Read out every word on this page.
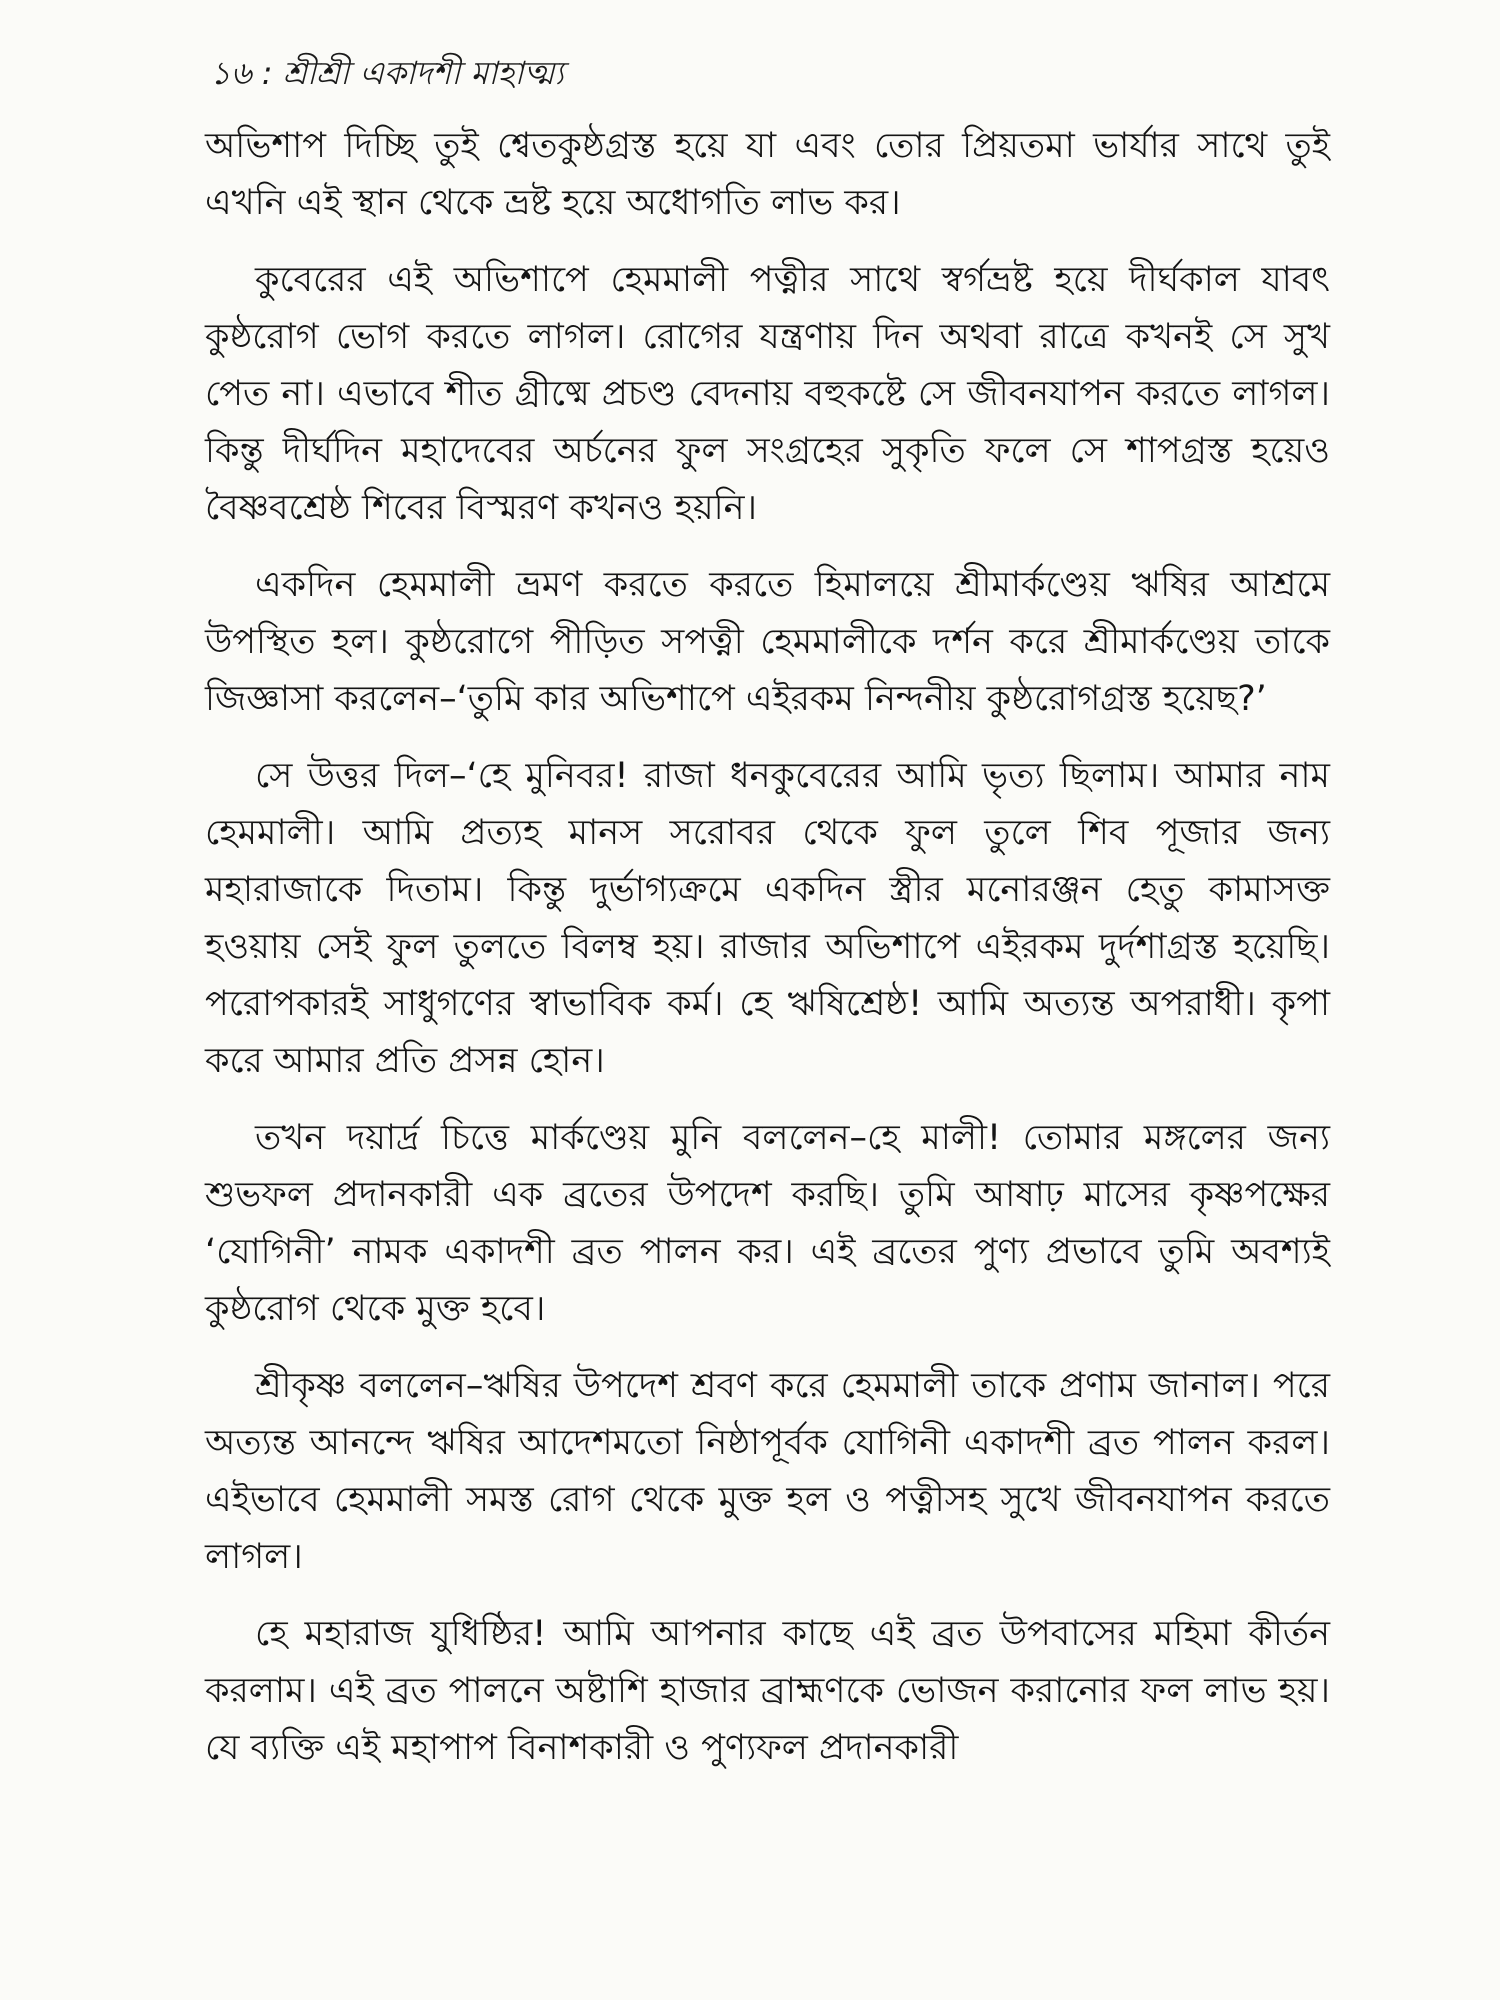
১৬ : শ্রীশ্রী একাদশী মাহাত্ম্য

অভিশাপ দিচ্ছি তুই শ্বেতকুষ্ঠগ্রস্ত হয়ে যা এবং তোর প্রিয়তমা ভার্যার সাথে তুই এখনি এই স্থান থেকে ভ্রষ্ট হয়ে অধোগতি লাভ কর।

কুবেরের এই অভিশাপে হেমমালী পত্নীর সাথে স্বর্গভ্রষ্ট হয়ে দীর্ঘকাল যাবৎ কুষ্ঠরোগ ভোগ করতে লাগল। রোগের যন্ত্রণায় দিন অথবা রাত্রে কখনই সে সুখ পেত না। এভাবে শীত গ্রীষ্মে প্রচণ্ড বেদনায় বহুকষ্টে সে জীবনযাপন করতে লাগল। কিন্তু দীর্ঘদিন মহাদেবের অর্চনের ফুল সংগ্রহের সুকৃতি ফলে সে শাপগ্রস্ত হয়েও বৈষ্ণবশ্রেষ্ঠ শিবের বিস্মরণ কখনও হয়নি।

একদিন হেমমালী ভ্রমণ করতে করতে হিমালয়ে শ্রীমার্কণ্ডেয় ঋষির আশ্রমে উপস্থিত হল। কুষ্ঠরোগে পীড়িত সপত্নী হেমমালীকে দর্শন করে শ্রীমার্কণ্ডেয় তাকে জিজ্ঞাসা করলেন–‘তুমি কার অভিশাপে এইরকম নিন্দনীয় কুষ্ঠরোগগ্রস্ত হয়েছ?’

সে উত্তর দিল–‘হে মুনিবর! রাজা ধনকুবেরের আমি ভৃত্য ছিলাম। আমার নাম হেমমালী। আমি প্রত্যহ মানস সরোবর থেকে ফুল তুলে শিব পূজার জন্য মহারাজাকে দিতাম। কিন্তু দুর্ভাগ্যক্রমে একদিন স্ত্রীর মনোরঞ্জন হেতু কামাসক্ত হওয়ায় সেই ফুল তুলতে বিলম্ব হয়। রাজার অভিশাপে এইরকম দুর্দশাগ্রস্ত হয়েছি। পরোপকারই সাধুগণের স্বাভাবিক কর্ম। হে ঋষিশ্রেষ্ঠ! আমি অত্যন্ত অপরাধী। কৃপা করে আমার প্রতি প্রসন্ন হোন।

তখন দয়ার্দ্র চিত্তে মার্কণ্ডেয় মুনি বললেন–হে মালী! তোমার মঙ্গলের জন্য শুভফল প্রদানকারী এক ব্রতের উপদেশ করছি। তুমি আষাঢ় মাসের কৃষ্ণপক্ষের ‘যোগিনী’ নামক একাদশী ব্রত পালন কর। এই ব্রতের পুণ্য প্রভাবে তুমি অবশ্যই কুষ্ঠরোগ থেকে মুক্ত হবে।

শ্রীকৃষ্ণ বললেন–ঋষির উপদেশ শ্রবণ করে হেমমালী তাকে প্রণাম জানাল। পরে অত্যন্ত আনন্দে ঋষির আদেশমতো নিষ্ঠাপূর্বক যোগিনী একাদশী ব্রত পালন করল। এইভাবে হেমমালী সমস্ত রোগ থেকে মুক্ত হল ও পত্নীসহ সুখে জীবনযাপন করতে লাগল।

হে মহারাজ যুধিষ্ঠির! আমি আপনার কাছে এই ব্রত উপবাসের মহিমা কীর্তন করলাম। এই ব্রত পালনে অষ্টাশি হাজার ব্রাহ্মণকে ভোজন করানোর ফল লাভ হয়। যে ব্যক্তি এই মহাপাপ বিনাশকারী ও পুণ্যফল প্রদানকারী
